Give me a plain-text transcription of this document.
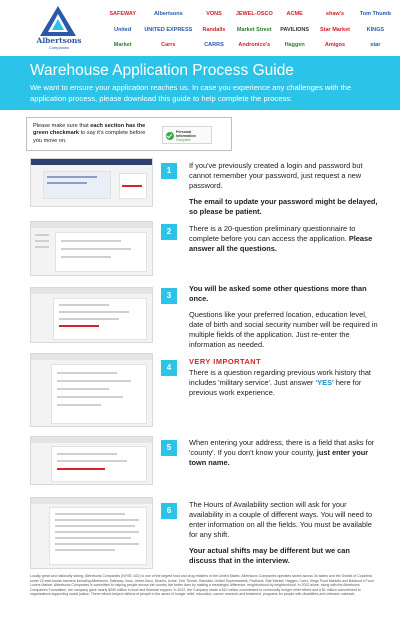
Albertsons
Companies
SAFEWAY	Albertsons	VONS	JEWEL-OSCO	ACME	shaw's	Tom Thumb
United	UNITED EXPRESS	Randalls	Market Street	PAVILIONS	Star Market	KINGS
Market	Carrs	CARRS	Andronico's	Haggen	Amigos	star
Warehouse Application Process Guide
We want to ensure your application reaches us. In case you experience any challenges with the application process, please download this guide to help complete the process:
Please make sure that each section has the green checkmark to say it's complete before you move on.
Personal Information
Complete
1

If you've previously created a login and password but cannot remember your password, just request a new password.

The email to update your password might be delayed, so please be patient.

2	There is a 20-question preliminary questionnaire to complete before you can access the application. Please answer all the questions.

3

You will be asked some other questions more than once.

Questions like your preferred location, education level, date of birth and social security number will be required in multiple fields of the application. Just re-enter the information as needed.

4

VERY IMPORTANT

There is a question regarding previous work history that includes 'military service'. Just answer 'YES' here for previous work experience.

5

When entering your address, there is a field that asks for 'county'. If you don't know your county, just enter your town name.

6

The Hours of Availability section will ask for your availability in a couple of different ways. You will need to enter information on all the fields. You must be available for any shift.

Your actual shifts may be different but we can discuss that in the interview.

Locally great and nationally strong, Albertsons Companies (NYSE: ACI) is one of the largest food and drug retailers in the United States. Albertsons Companies operates stores across 34 states and the District of Columbia under 20 well-known banners including Albertsons, Safeway, Vons, Jewel-Osco, Shaw's, Acme, Tom Thumb, Randalls, United Supermarkets, Pavilions, Star Market, Haggen, Carrs, Kings Food Markets and Balducci's Food Lovers Market. Albertsons Companies is committed to helping people across the country live better lives by making a meaningful difference, neighborhood by neighborhood. In 2022 alone, along with the Albertsons Companies Foundation, the company gave nearly $250 million in food and financial support. In 2022, the Company made a $10 million commitment to community hunger relief efforts and a $1 million commitment to organizations supporting social justice. These efforts helped millions of people in the areas of hunger relief, education, cancer research and treatment, programs for people with disabilities and veterans outreach.
